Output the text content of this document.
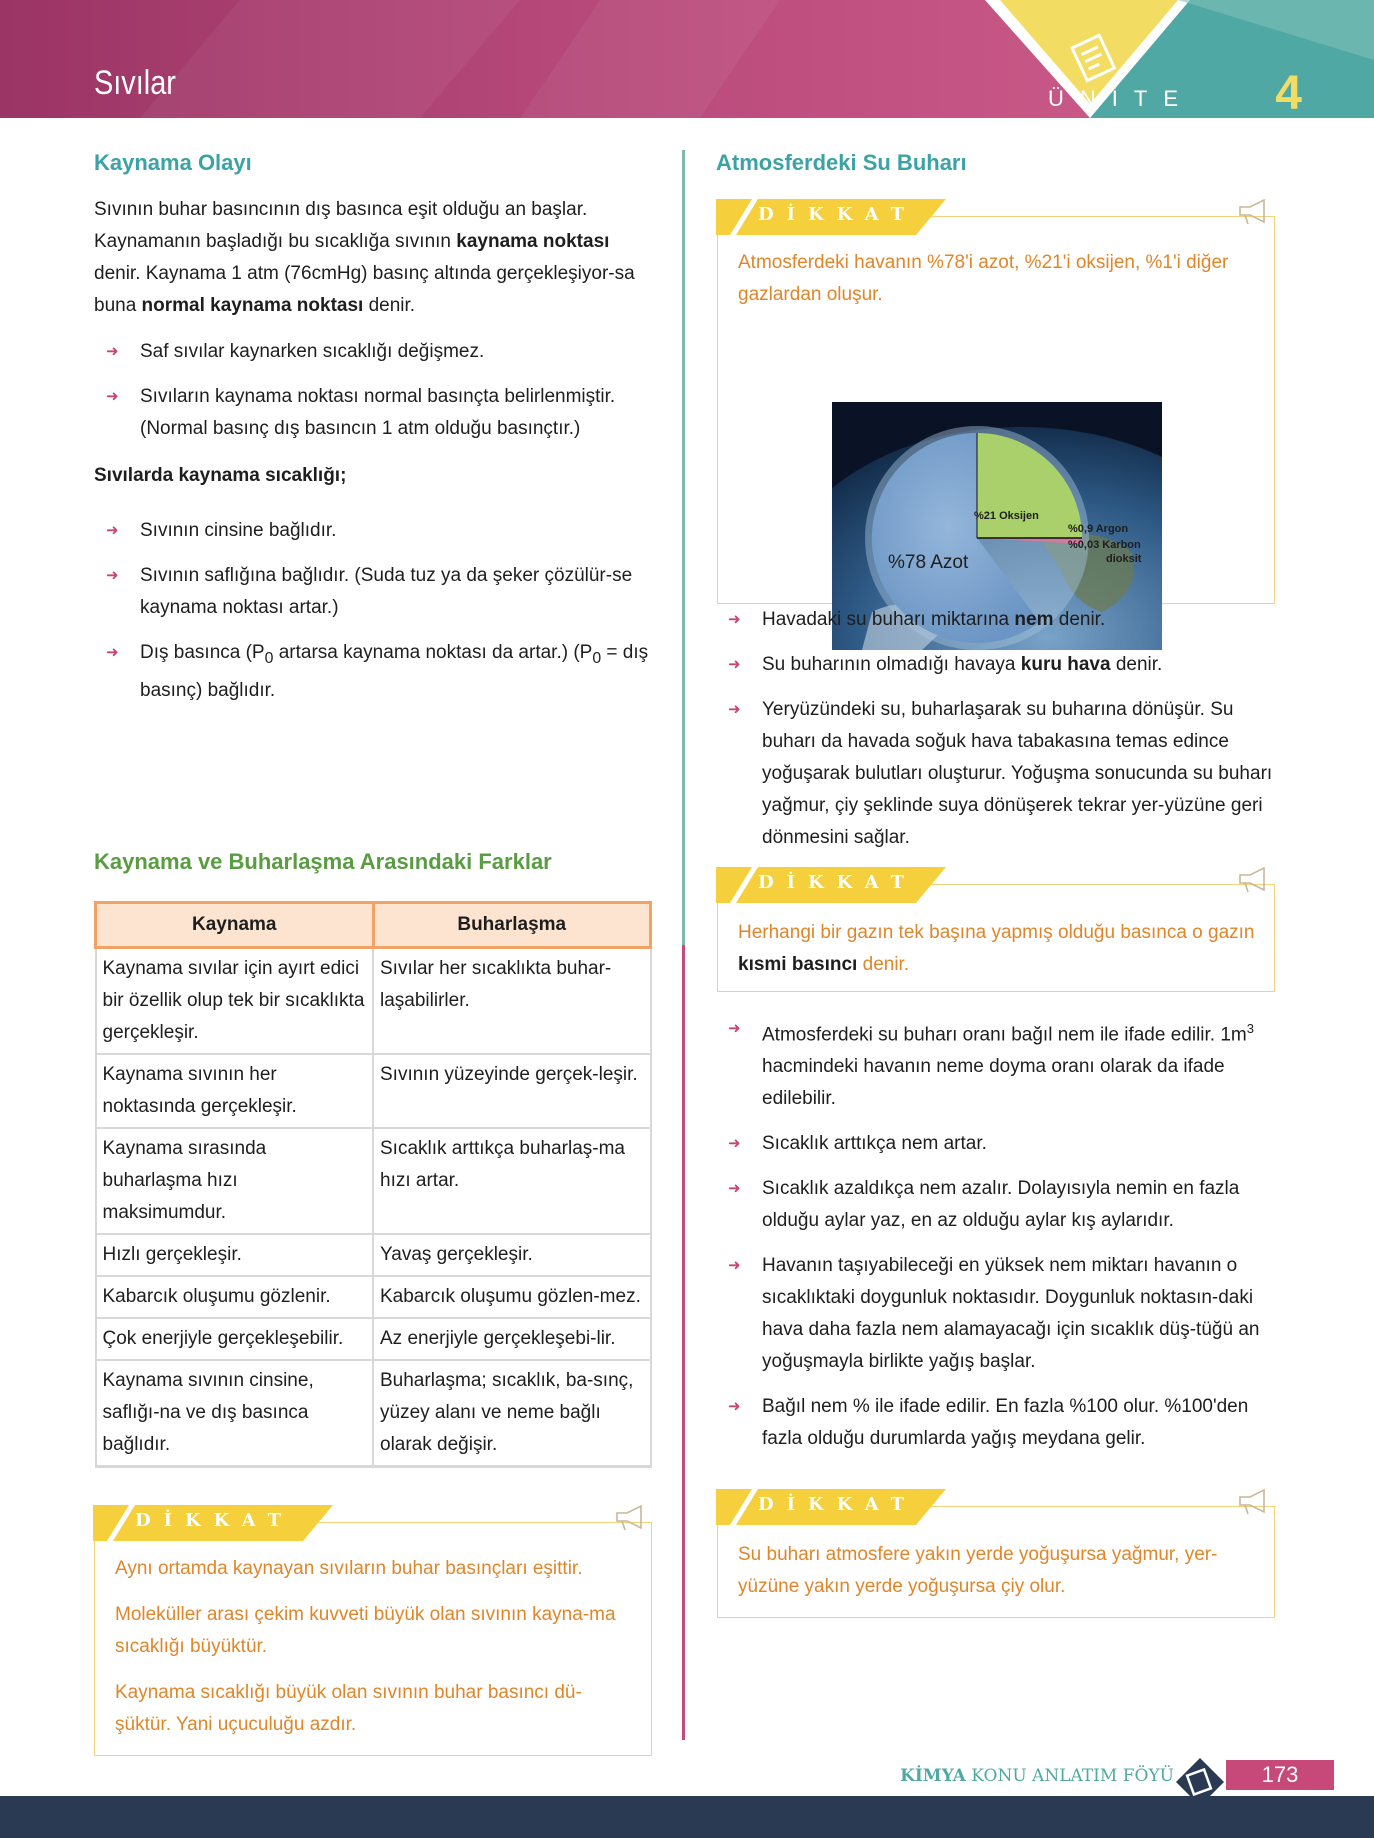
Sıvılar	ÜNİTE 4
Kaynama Olayı

Sıvının buhar basıncının dış basınca eşit olduğu an başlar. Kaynamanın başladığı bu sıcaklığa sıvının kaynama noktası denir. Kaynama 1 atm (76cmHg) basınç altında gerçekleşiyor-sa buna normal kaynama noktası denir.

➜ Saf sıvılar kaynarken sıcaklığı değişmez.
➜ Sıvıların kaynama noktası normal basınçta belirlenmiştir. (Normal basınç dış basıncın 1 atm olduğu basınçtır.)

Sıvılarda kaynama sıcaklığı;

➜ Sıvının cinsine bağlıdır.
➜ Sıvının saflığına bağlıdır. (Suda tuz ya da şeker çözülür-se kaynama noktası artar.)
➜ Dış basınca ($P_0$ artarsa kaynama noktası da artar.) ($P_0$ = dış basınç) bağlıdır.
Kaynama ve Buharlaşma Arasındaki Farklar
Kaynama	Buharlaşma
Kaynama sıvılar için ayırt edici bir özellik olup tek bir sıcaklıkta gerçekleşir.	Sıvılar her sıcaklıkta buhar-laşabilirler.
Kaynama sıvının her noktasında gerçekleşir.	Sıvının yüzeyinde gerçek-leşir.
Kaynama sırasında buharlaşma hızı maksimumdur.	Sıcaklık arttıkça buharlaş-ma hızı artar.
Hızlı gerçekleşir.	Yavaş gerçekleşir.
Kabarcık oluşumu gözlenir.	Kabarcık oluşumu gözlen-mez.
Çok enerjiyle gerçekleşebilir.	Az enerjiyle gerçekleşebi-lir.
Kaynama sıvının cinsine, saflığı-na ve dış basınca bağlıdır.	Buharlaşma; sıcaklık, ba-sınç, yüzey alanı ve neme bağlı olarak değişir.
DİKKAT

Aynı ortamda kaynayan sıvıların buhar basınçları eşittir.

Moleküller arası çekim kuvveti büyük olan sıvının kayna-ma sıcaklığı büyüktür.

Kaynama sıcaklığı büyük olan sıvının buhar basıncı dü-şüktür. Yani uçuculuğu azdır.

Atmosferdeki Su Buharı
DİKKAT

Atmosferdeki havanın %78'i azot, %21'i oksijen, %1'i diğer gazlardan oluşur.

%78 Azot
%21 Oksijen
%0,9 Argon
%0,03 Karbon
dioksit
➜ Havadaki su buharı miktarına nem denir.
➜ Su buharının olmadığı havaya kuru hava denir.
➜ Yeryüzündeki su, buharlaşarak su buharına dönüşür. Su buharı da havada soğuk hava tabakasına temas edince yoğuşarak bulutları oluşturur. Yoğuşma sonucunda su buharı yağmur, çiy şeklinde suya dönüşerek tekrar yer-yüzüne geri dönmesini sağlar.
DİKKAT

Herhangi bir gazın tek başına yapmış olduğu basınca o gazın kısmi basıncı denir.

➜ Atmosferdeki su buharı oranı bağıl nem ile ifade edilir. $1m^3$ hacmindeki havanın neme doyma oranı olarak da ifade edilebilir.
➜ Sıcaklık arttıkça nem artar.
➜ Sıcaklık azaldıkça nem azalır. Dolayısıyla nemin en fazla olduğu aylar yaz, en az olduğu aylar kış aylarıdır.
➜ Havanın taşıyabileceği en yüksek nem miktarı havanın o sıcaklıktaki doygunluk noktasıdır. Doygunluk noktasın-daki hava daha fazla nem alamayacağı için sıcaklık düş-tüğü an yoğuşmayla birlikte yağış başlar.
➜ Bağıl nem % ile ifade edilir. En fazla %100 olur. %100'den fazla olduğu durumlarda yağış meydana gelir.
DİKKAT

Su buharı atmosfere yakın yerde yoğuşursa yağmur, yer-yüzüne yakın yerde yoğuşursa çiy olur.

KİMYA KONU ANLATIM FÖYÜ	173
